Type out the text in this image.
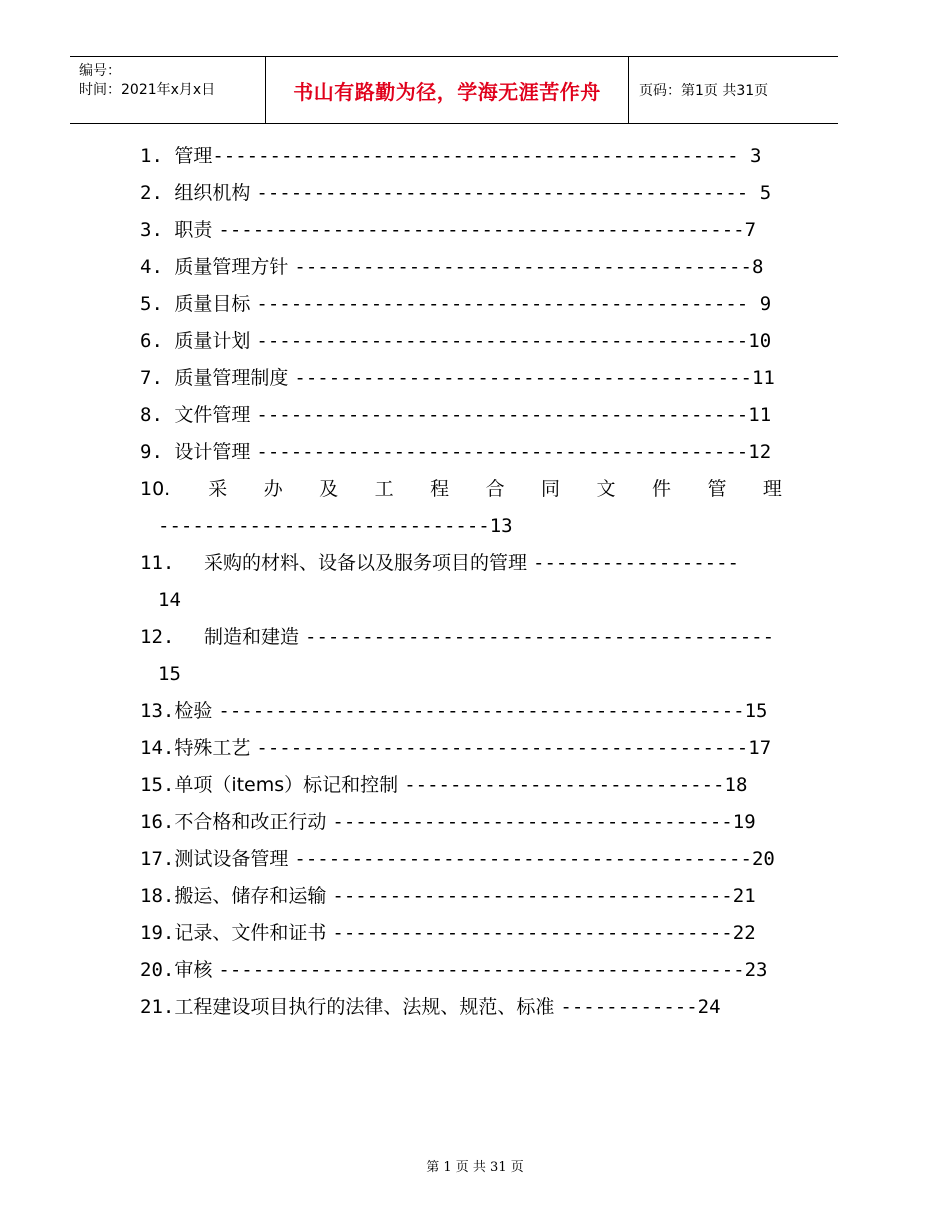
编号：
时间：2021年x月x日	书山有路勤为径，学海无涯苦作舟	页码：第1页 共31页
1. 管理---------------------------------------------- 3
2. 组织机构 ------------------------------------------- 5
3. 职责 ----------------------------------------------7
4. 质量管理方针 ----------------------------------------8
5. 质量目标 ------------------------------------------- 9
6. 质量计划 -------------------------------------------10
7. 质量管理制度 ----------------------------------------11
8. 文件管理 -------------------------------------------11
9. 设计管理 -------------------------------------------12
10. 采 办 及 工 程 合 同 文 件 管 理
-----------------------------13
11. 采购的材料、设备以及服务项目的管理 ------------------
14
12. 制造和建造 -----------------------------------------
15
13.检验 ----------------------------------------------15
14.特殊工艺 -------------------------------------------17
15.单项（items）标记和控制 ----------------------------18
16.不合格和改正行动 -----------------------------------19
17.测试设备管理 ----------------------------------------20
18.搬运、储存和运输 -----------------------------------21
19.记录、文件和证书 -----------------------------------22
20.审核 ----------------------------------------------23
21.工程建设项目执行的法律、法规、规范、标准 ------------24
第 1 页 共 31 页
